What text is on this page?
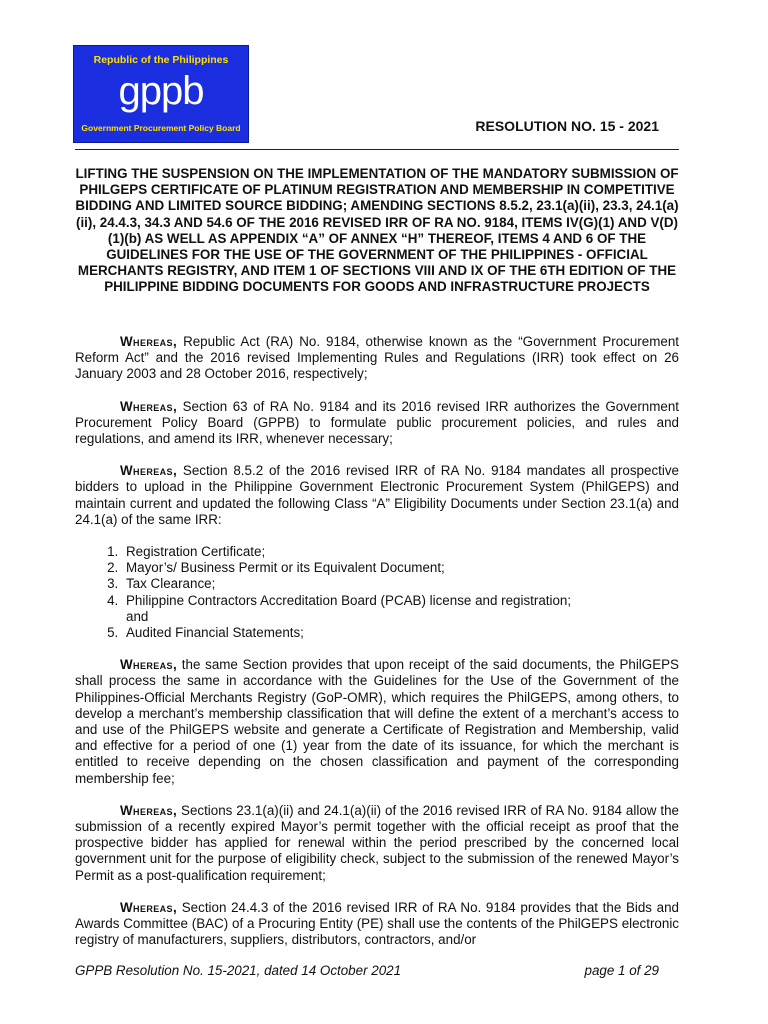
Republic of the Philippines
gppb
Government Procurement Policy Board	RESOLUTION NO. 15 - 2021
LIFTING THE SUSPENSION ON THE IMPLEMENTATION OF THE MANDATORY SUBMISSION OF PHILGEPS CERTIFICATE OF PLATINUM REGISTRATION AND MEMBERSHIP IN COMPETITIVE BIDDING AND LIMITED SOURCE BIDDING; AMENDING SECTIONS 8.5.2, 23.1(a)(ii), 23.3, 24.1(a)(ii), 24.4.3, 34.3 AND 54.6 OF THE 2016 REVISED IRR OF RA NO. 9184, ITEMS IV(G)(1) AND V(D)(1)(b) AS WELL AS APPENDIX “A” OF ANNEX “H” THEREOF, ITEMS 4 AND 6 OF THE GUIDELINES FOR THE USE OF THE GOVERNMENT OF THE PHILIPPINES - OFFICIAL MERCHANTS REGISTRY, AND ITEM 1 OF SECTIONS VIII AND IX OF THE 6TH EDITION OF THE PHILIPPINE BIDDING DOCUMENTS FOR GOODS AND INFRASTRUCTURE PROJECTS

Whereas, Republic Act (RA) No. 9184, otherwise known as the “Government Procurement Reform Act” and the 2016 revised Implementing Rules and Regulations (IRR) took effect on 26 January 2003 and 28 October 2016, respectively;

Whereas, Section 63 of RA No. 9184 and its 2016 revised IRR authorizes the Government Procurement Policy Board (GPPB) to formulate public procurement policies, and rules and regulations, and amend its IRR, whenever necessary;

Whereas, Section 8.5.2 of the 2016 revised IRR of RA No. 9184 mandates all prospective bidders to upload in the Philippine Government Electronic Procurement System (PhilGEPS) and maintain current and updated the following Class “A” Eligibility Documents under Section 23.1(a) and 24.1(a) of the same IRR:

1. Registration Certificate;
2. Mayor’s/ Business Permit or its Equivalent Document;
3. Tax Clearance;
4. Philippine Contractors Accreditation Board (PCAB) license and registration;
and
5. Audited Financial Statements;

Whereas, the same Section provides that upon receipt of the said documents, the PhilGEPS shall process the same in accordance with the Guidelines for the Use of the Government of the Philippines-Official Merchants Registry (GoP-OMR), which requires the PhilGEPS, among others, to develop a merchant’s membership classification that will define the extent of a merchant’s access to and use of the PhilGEPS website and generate a Certificate of Registration and Membership, valid and effective for a period of one (1) year from the date of its issuance, for which the merchant is entitled to receive depending on the chosen classification and payment of the corresponding membership fee;

Whereas, Sections 23.1(a)(ii) and 24.1(a)(ii) of the 2016 revised IRR of RA No. 9184 allow the submission of a recently expired Mayor’s permit together with the official receipt as proof that the prospective bidder has applied for renewal within the period prescribed by the concerned local government unit for the purpose of eligibility check, subject to the submission of the renewed Mayor’s Permit as a post-qualification requirement;

Whereas, Section 24.4.3 of the 2016 revised IRR of RA No. 9184 provides that the Bids and Awards Committee (BAC) of a Procuring Entity (PE) shall use the contents of the PhilGEPS electronic registry of manufacturers, suppliers, distributors, contractors, and/or

GPPB Resolution No. 15-2021, dated 14 October 2021	page 1 of 29
